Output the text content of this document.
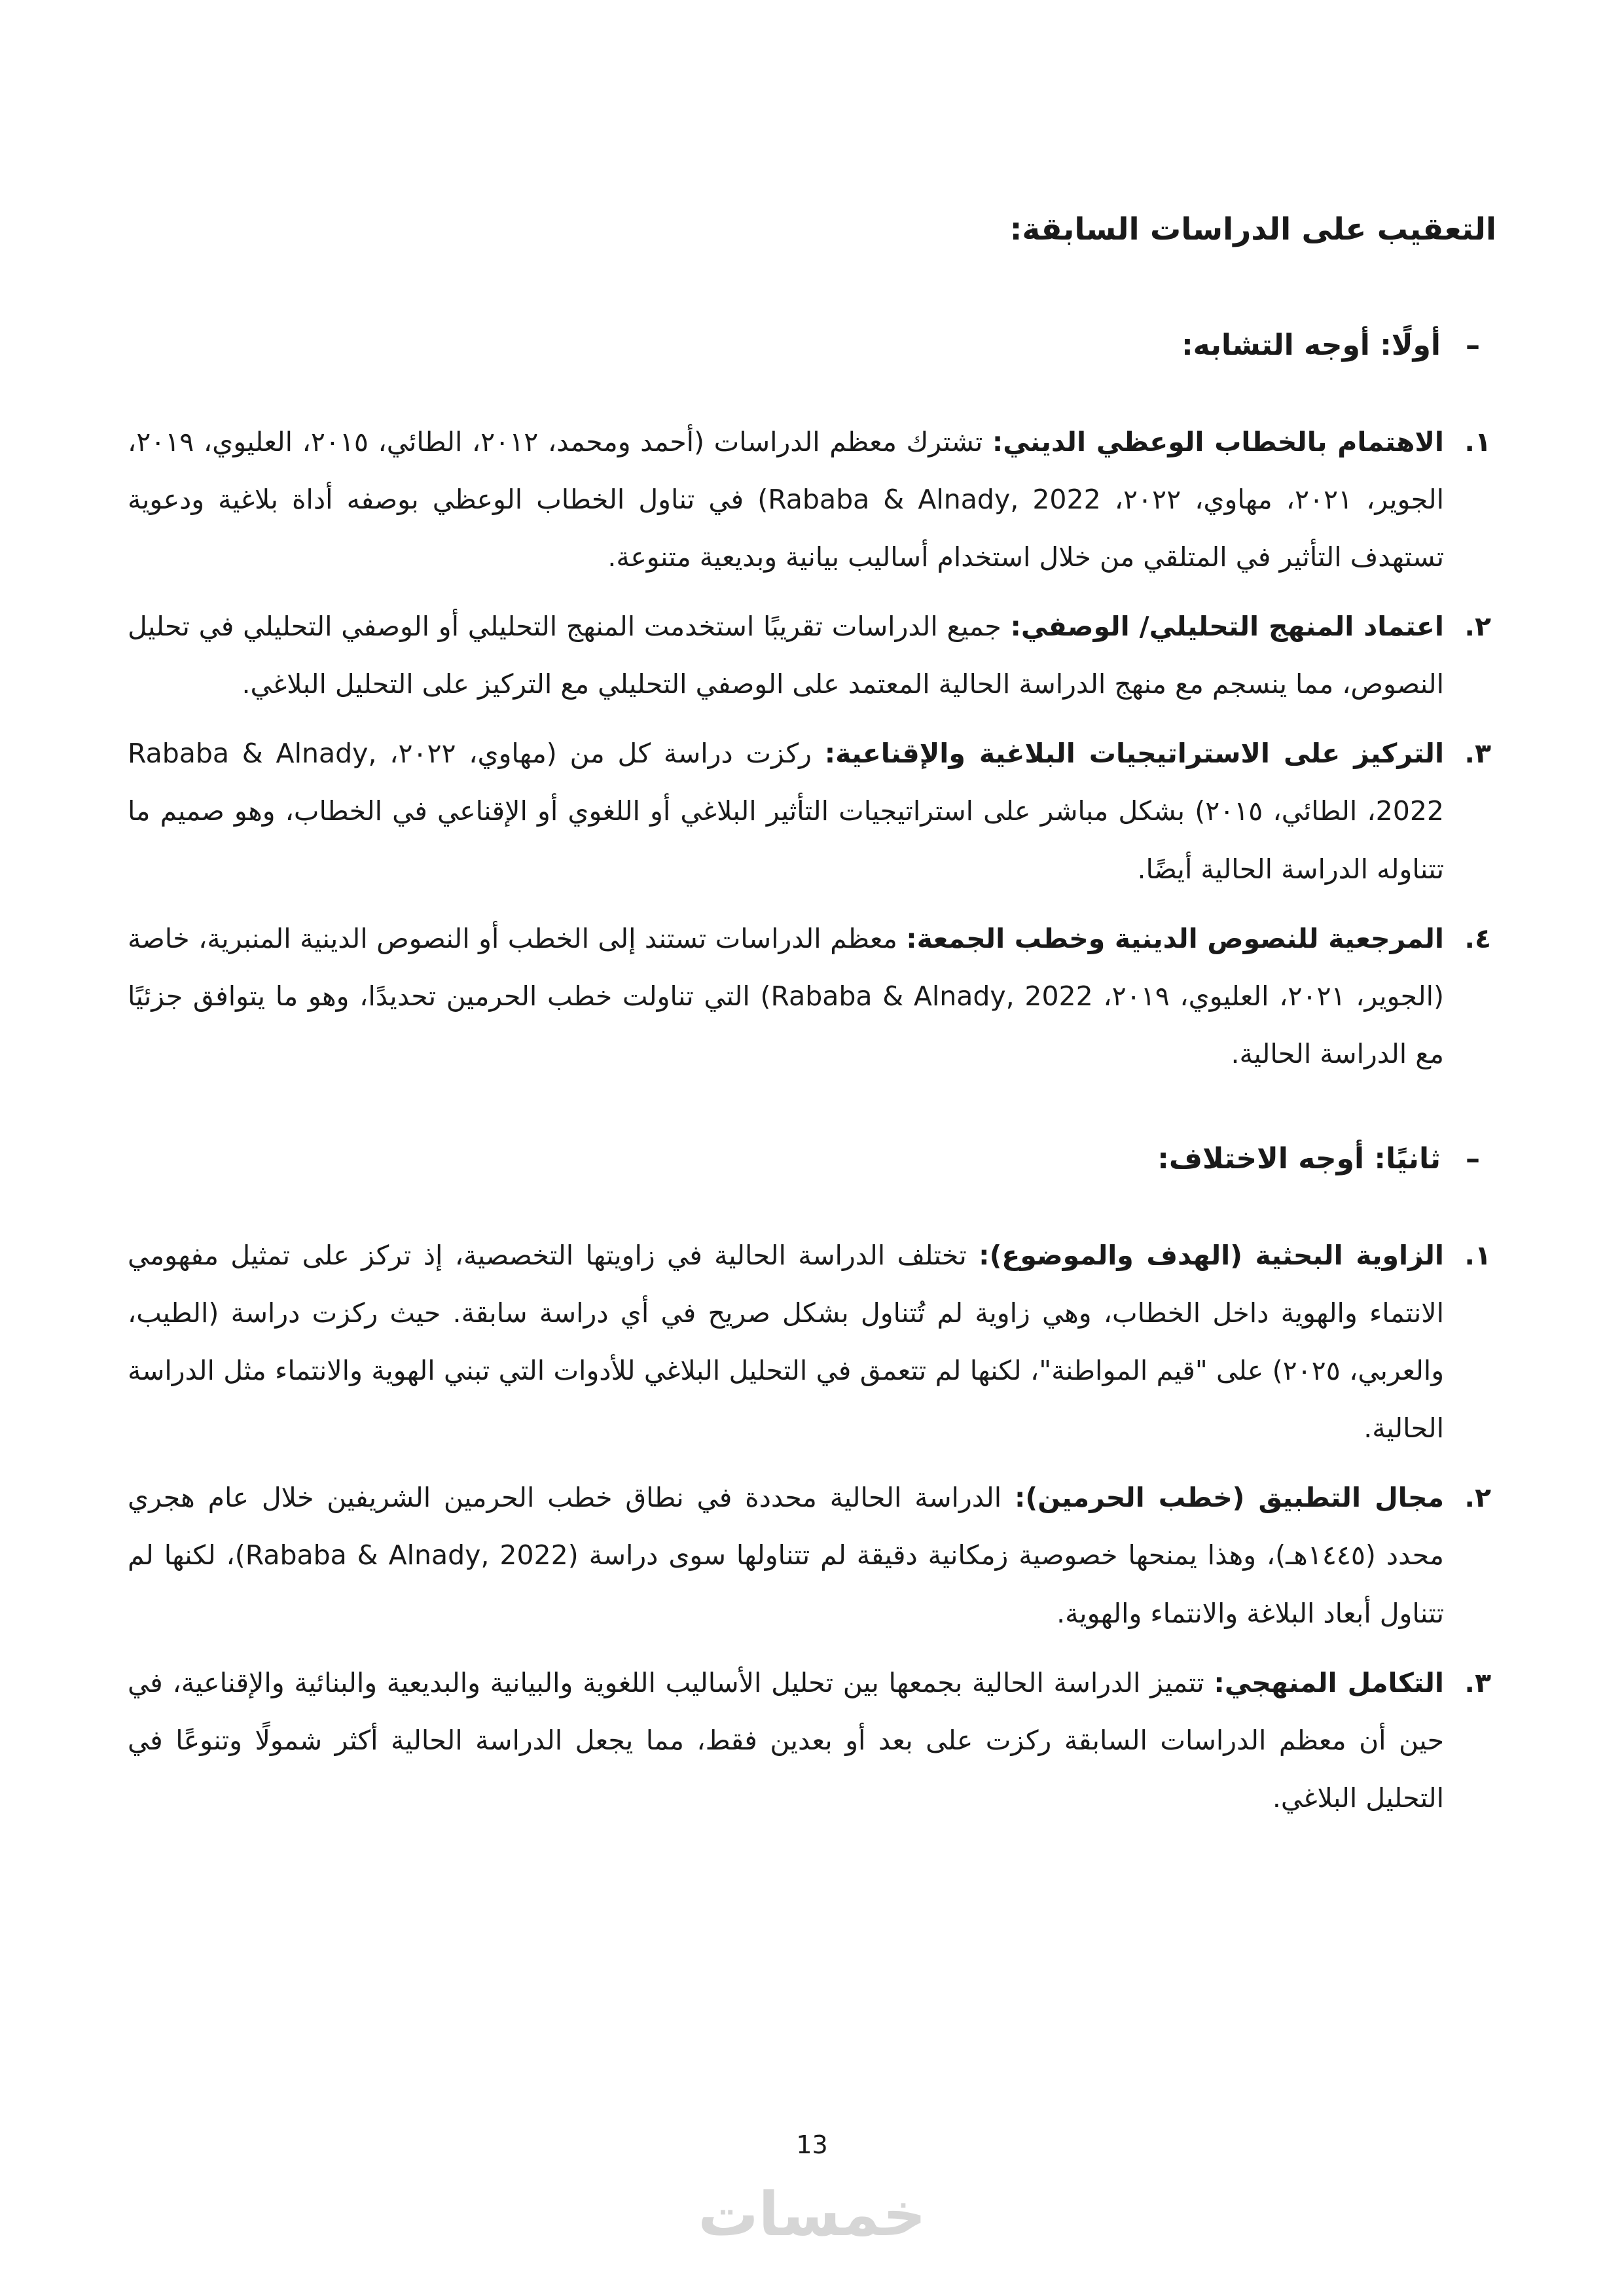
التعقيب على الدراسات السابقة:
–أولًا: أوجه التشابه:
١.
الاهتمام بالخطاب الوعظي الديني: تشترك معظم الدراسات (أحمد ومحمد، ٢٠١٢، الطائي، ٢٠١٥، العليوي، ٢٠١٩، الجوير، ٢٠٢١، مهاوي، ٢٠٢٢، Rababa & Alnady, 2022) في تناول الخطاب الوعظي بوصفه أداة بلاغية ودعوية تستهدف التأثير في المتلقي من خلال استخدام أساليب بيانية وبديعية متنوعة.
٢.
اعتماد المنهج التحليلي/ الوصفي: جميع الدراسات تقريبًا استخدمت المنهج التحليلي أو الوصفي التحليلي في تحليل النصوص، مما ينسجم مع منهج الدراسة الحالية المعتمد على الوصفي التحليلي مع التركيز على التحليل البلاغي.
٣.
التركيز على الاستراتيجيات البلاغية والإقناعية: ركزت دراسة كل من (مهاوي، ٢٠٢٢، Rababa & Alnady, 2022، الطائي، ٢٠١٥) بشكل مباشر على استراتيجيات التأثير البلاغي أو اللغوي أو الإقناعي في الخطاب، وهو صميم ما تتناوله الدراسة الحالية أيضًا.
٤.
المرجعية للنصوص الدينية وخطب الجمعة: معظم الدراسات تستند إلى الخطب أو النصوص الدينية المنبرية، خاصة (الجوير، ٢٠٢١، العليوي، ٢٠١٩، Rababa & Alnady, 2022) التي تناولت خطب الحرمين تحديدًا، وهو ما يتوافق جزئيًا مع الدراسة الحالية.
–ثانيًا: أوجه الاختلاف:
١.
الزاوية البحثية (الهدف والموضوع): تختلف الدراسة الحالية في زاويتها التخصصية، إذ تركز على تمثيل مفهومي الانتماء والهوية داخل الخطاب، وهي زاوية لم تُتناول بشكل صريح في أي دراسة سابقة. حيث ركزت دراسة (الطيب، والعربي، ٢٠٢٥) على "قيم المواطنة"، لكنها لم تتعمق في التحليل البلاغي للأدوات التي تبني الهوية والانتماء مثل الدراسة الحالية.
٢.
مجال التطبيق (خطب الحرمين): الدراسة الحالية محددة في نطاق خطب الحرمين الشريفين خلال عام هجري محدد (١٤٤٥هـ)، وهذا يمنحها خصوصية زمكانية دقيقة لم تتناولها سوى دراسة (Rababa & Alnady, 2022)، لكنها لم تتناول أبعاد البلاغة والانتماء والهوية.
٣.
التكامل المنهجي: تتميز الدراسة الحالية بجمعها بين تحليل الأساليب اللغوية والبيانية والبديعية والبنائية والإقناعية، في حين أن معظم الدراسات السابقة ركزت على بعد أو بعدين فقط، مما يجعل الدراسة الحالية أكثر شمولًا وتنوعًا في التحليل البلاغي.
13
خمسات
